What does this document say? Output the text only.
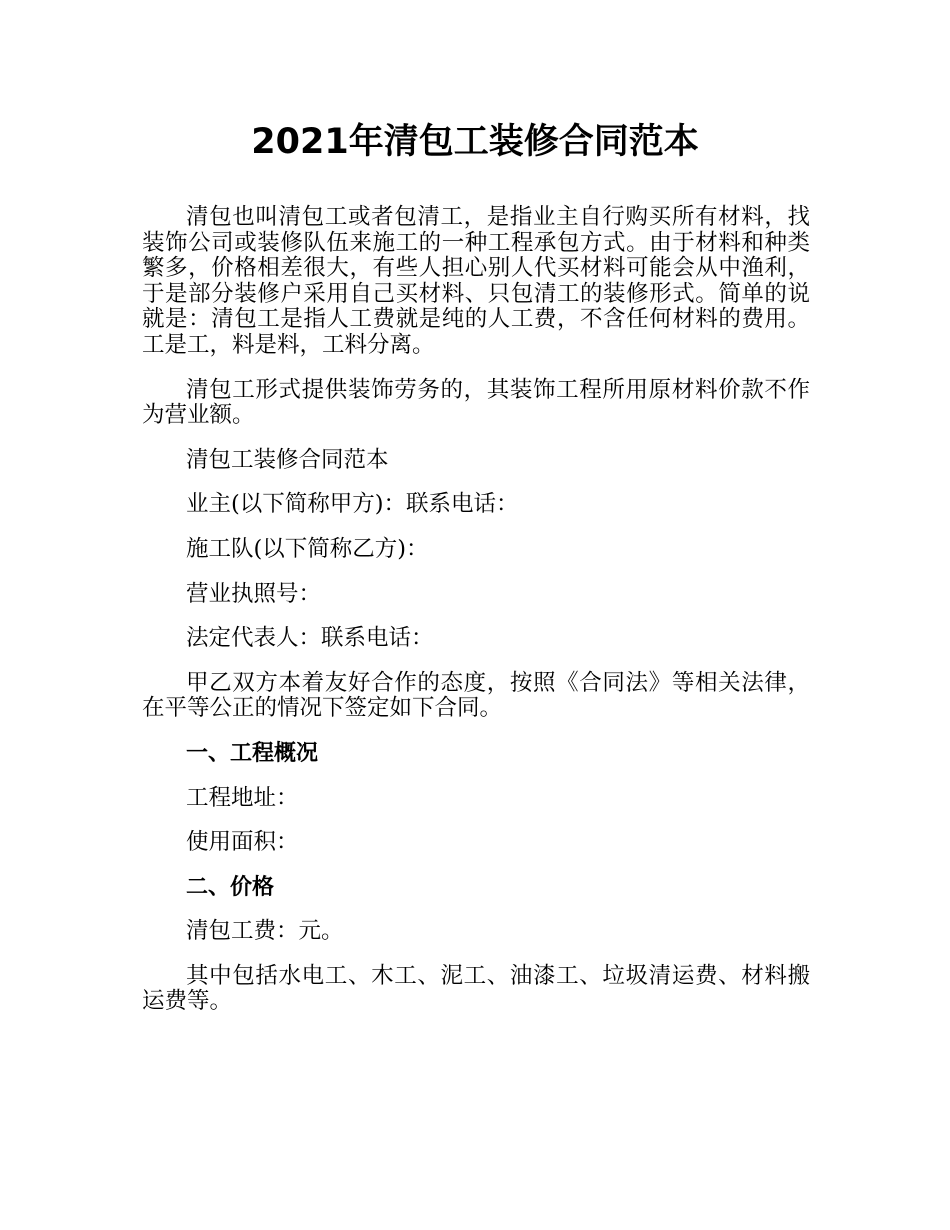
2021年清包工装修合同范本

清包也叫清包工或者包清工，是指业主自行购买所有材料，找装饰公司或装修队伍来施工的一种工程承包方式。由于材料和种类繁多，价格相差很大，有些人担心别人代买材料可能会从中渔利，于是部分装修户采用自己买材料、只包清工的装修形式。简单的说就是：清包工是指人工费就是纯的人工费，不含任何材料的费用。工是工，料是料，工料分离。

清包工形式提供装饰劳务的，其装饰工程所用原材料价款不作为营业额。

清包工装修合同范本

业主(以下简称甲方)：联系电话：

施工队(以下简称乙方)：

营业执照号：

法定代表人：联系电话：

甲乙双方本着友好合作的态度，按照《合同法》等相关法律，在平等公正的情况下签定如下合同。

一、工程概况

工程地址：

使用面积：

二、价格

清包工费：元。

其中包括水电工、木工、泥工、油漆工、垃圾清运费、材料搬运费等。
